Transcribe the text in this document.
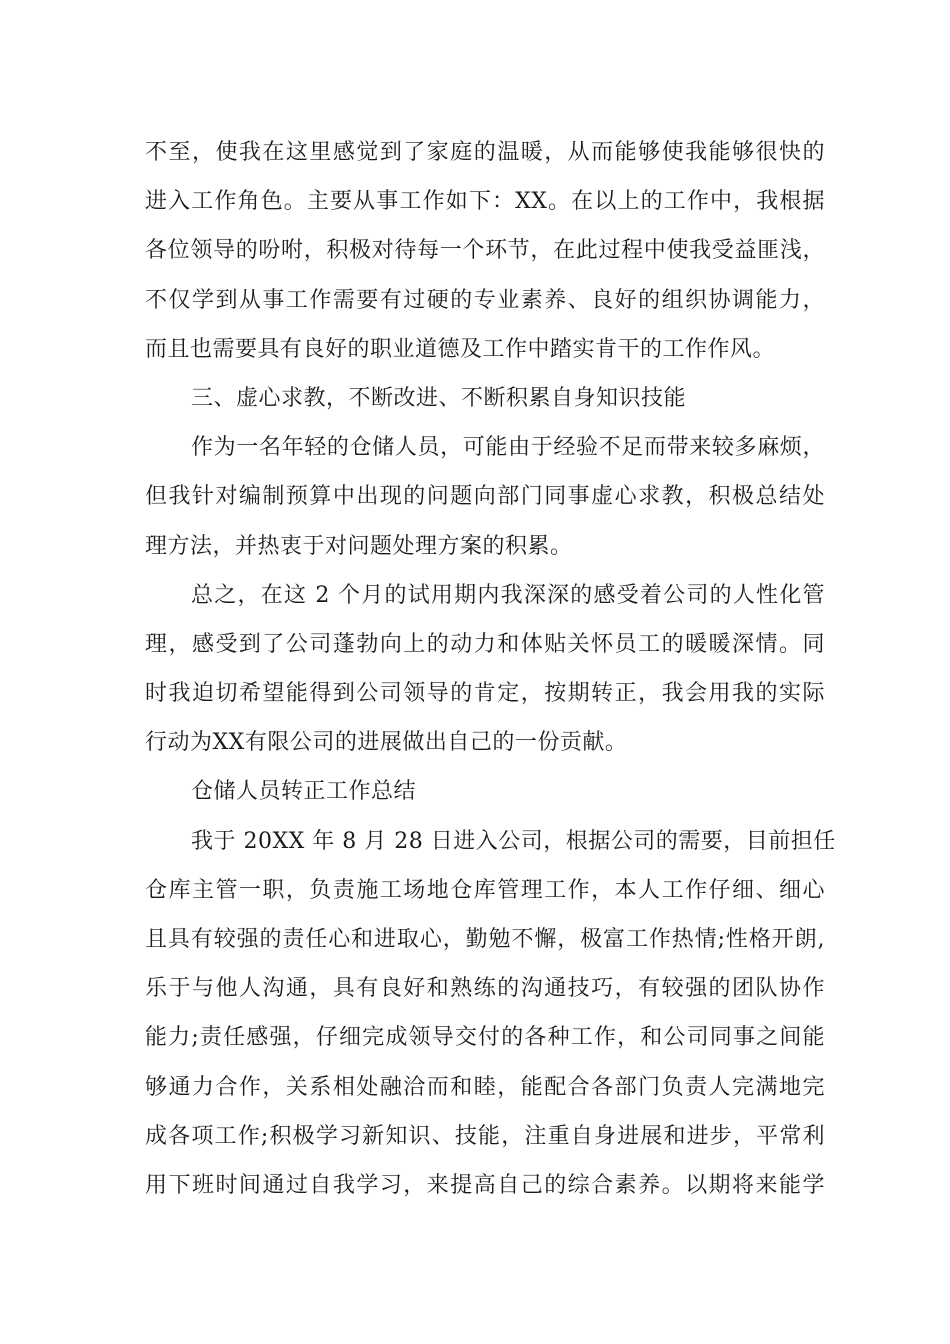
不至，使我在这里感觉到了家庭的温暖，从而能够使我能够很快的
进入工作角色。主要从事工作如下：XX。在以上的工作中，我根据
各位领导的吩咐，积极对待每一个环节，在此过程中使我受益匪浅，
不仅学到从事工作需要有过硬的专业素养、良好的组织协调能力，
而且也需要具有良好的职业道德及工作中踏实肯干的工作作风。
三、虚心求教，不断改进、不断积累自身知识技能
作为一名年轻的仓储人员，可能由于经验不足而带来较多麻烦，
但我针对编制预算中出现的问题向部门同事虚心求教，积极总结处
理方法，并热衷于对问题处理方案的积累。
总之，在这 2 个月的试用期内我深深的感受着公司的人性化管
理，感受到了公司蓬勃向上的动力和体贴关怀员工的暖暖深情。同
时我迫切希望能得到公司领导的肯定，按期转正，我会用我的实际
行动为XX有限公司的进展做出自己的一份贡献。
仓储人员转正工作总结
我于 20XX 年 8 月 28 日进入公司，根据公司的需要，目前担任
仓库主管一职，负责施工场地仓库管理工作，本人工作仔细、细心
且具有较强的责任心和进取心，勤勉不懈，极富工作热情;性格开朗,
乐于与他人沟通，具有良好和熟练的沟通技巧，有较强的团队协作
能力;责任感强，仔细完成领导交付的各种工作，和公司同事之间能
够通力合作，关系相处融洽而和睦，能配合各部门负责人完满地完
成各项工作;积极学习新知识、技能，注重自身进展和进步，平常利
用下班时间通过自我学习，来提高自己的综合素养。以期将来能学
